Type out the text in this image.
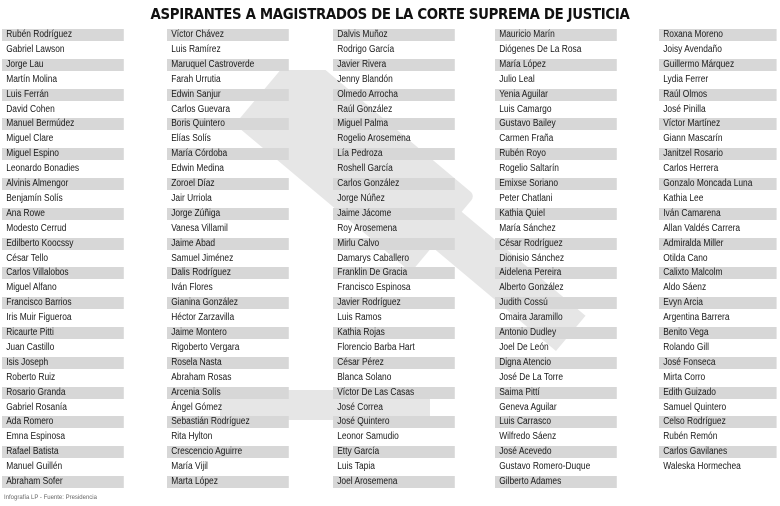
ASPIRANTES A MAGISTRADOS DE LA CORTE SUPREMA DE JUSTICIA
Rubén Rodríguez
Gabriel Lawson
Jorge Lau
Martín Molina
Luis Ferrán
David Cohen
Manuel Bermúdez
Miguel Clare
Miguel Espino
Leonardo Bonadies
Alvinis Almengor
Benjamín Solís
Ana Rowe
Modesto Cerrud
Edilberto Koocssy
César Tello
Carlos Villalobos
Miguel Alfano
Francisco Barrios
Iris Muir Figueroa
Ricaurte Pitti
Juan Castillo
Isis Joseph
Roberto Ruiz
Rosario Granda
Gabriel Rosanía
Ada Romero
Emna Espinosa
Rafael Batista
Manuel Guillén
Abraham Sofer
Víctor Chávez
Luis Ramírez
Maruquel Castroverde
Farah Urrutia
Edwin Sanjur
Carlos Guevara
Boris Quintero
Elías Solís
María Córdoba
Edwin Medina
Zoroel Díaz
Jair Urriola
Jorge Zúñiga
Vanesa Villamil
Jaime Abad
Samuel Jiménez
Dalis Rodríguez
Iván Flores
Gianina González
Héctor Zarzavilla
Jaime Montero
Rigoberto Vergara
Rosela Nasta
Abraham Rosas
Arcenia Solís
Ángel Gómez
Sebastián Rodríguez
Rita Hylton
Crescencio Aguirre
María Vijil
Marta López
Dalvis Muñoz
Rodrigo García
Javier Rivera
Jenny Blandón
Olmedo Arrocha
Raúl González
Miguel Palma
Rogelio Arosemena
Lía Pedroza
Roshell García
Carlos González
Jorge Núñez
Jaime Jácome
Roy Arosemena
Mirlu Calvo
Damarys Caballero
Franklin De Gracia
Francisco Espinosa
Javier Rodríguez
Luis Ramos
Kathia Rojas
Florencio Barba Hart
César Pérez
Blanca Solano
Víctor De Las Casas
José Correa
José Quintero
Leonor Samudio
Etty García
Luis Tapia
Joel Arosemena
Mauricio Marín
Diógenes De La Rosa
María López
Julio Leal
Yenia Aguilar
Luis Camargo
Gustavo Bailey
Carmen Fraña
Rubén Royo
Rogelio Saltarín
Emixse Soriano
Peter Chatlani
Kathia Quiel
María Sánchez
César Rodríguez
Dionisio Sánchez
Aidelena Pereira
Alberto González
Judith Cossú
Omaira Jaramillo
Antonio Dudley
Joel De León
Digna Atencio
José De La Torre
Saima Pittí
Geneva Aguilar
Luis Carrasco
Wilfredo Sáenz
José Acevedo
Gustavo Romero-Duque
Gilberto Adames
Roxana Moreno
Joisy Avendaño
Guillermo Márquez
Lydia Ferrer
Raúl Olmos
José Pinilla
Víctor Martínez
Giann Mascarín
Janitzel Rosario
Carlos Herrera
Gonzalo Moncada Luna
Kathia Lee
Iván Camarena
Allan Valdés Carrera
Admiralda Miller
Otilda Cano
Calixto Malcolm
Aldo Sáenz
Evyn Arcia
Argentina Barrera
Benito Vega
Rolando Gill
José Fonseca
Mirta Corro
Edith Guizado
Samuel Quintero
Celso Rodríguez
Rubén Remón
Carlos Gavilanes
Waleska Hormechea
Infografía LP - Fuente: Presidencia
